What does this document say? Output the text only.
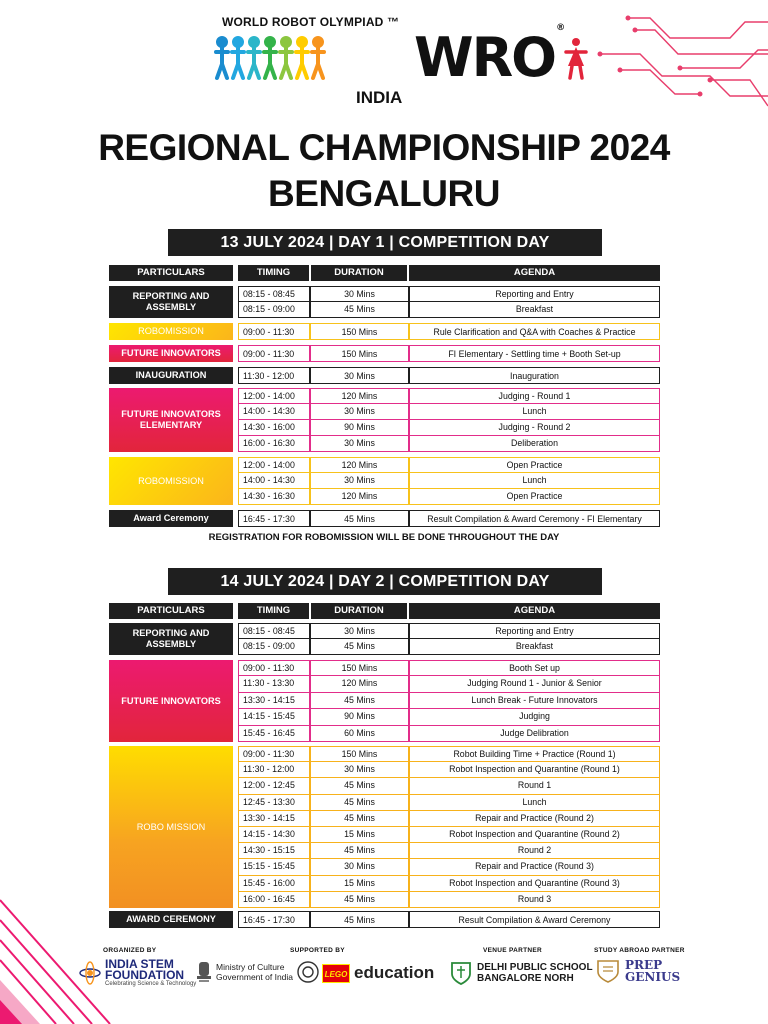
WORLD ROBOT OLYMPIAD ™
WRO®
INDIA
REGIONAL CHAMPIONSHIP 2024
BENGALURU
13 JULY 2024 | DAY 1 | COMPETITION DAY
PARTICULARS	TIMING	DURATION	AGENDA
REPORTING AND ASSEMBLY
08:15 - 08:45	30 Mins	Reporting and Entry
08:15 - 09:00	45 Mins	Breakfast
ROBOMISSION	09:00 - 11:30	150 Mins	Rule Clarification and Q&A with Coaches & Practice
FUTURE INNOVATORS	09:00 - 11:30	150 Mins	FI Elementary - Settling time + Booth Set-up
INAUGURATION	11:30 - 12:00	30 Mins	Inauguration
FUTURE INNOVATORS ELEMENTARY
12:00 - 14:00	120 Mins	Judging - Round 1
14:00 - 14:30	30 Mins	Lunch
14:30 - 16:00	90 Mins	Judging - Round 2
16:00 - 16:30	30 Mins	Deliberation
ROBOMISSION
12:00 - 14:00	120 Mins	Open Practice
14:00 - 14:30	30 Mins	Lunch
14:30 - 16:30	120 Mins	Open Practice
Award Ceremony	16:45 - 17:30	45 Mins	Result Compilation & Award Ceremony - FI Elementary
REGISTRATION FOR ROBOMISSION WILL BE DONE THROUGHOUT THE DAY
14 JULY 2024 | DAY 2 | COMPETITION DAY
PARTICULARS	TIMING	DURATION	AGENDA
REPORTING AND ASSEMBLY
08:15 - 08:45	30 Mins	Reporting and Entry
08:15 - 09:00	45 Mins	Breakfast
FUTURE INNOVATORS
09:00 - 11:30	150 Mins	Booth Set up
11:30 - 13:30	120 Mins	Judging Round 1 - Junior & Senior
13:30 - 14:15	45 Mins	Lunch Break - Future Innovators
14:15 - 15:45	90 Mins	Judging
15:45 - 16:45	60 Mins	Judge Delibration
ROBO MISSION
09:00 - 11:30	150 Mins	Robot Building Time + Practice (Round 1)
11:30 - 12:00	30 Mins	Robot Inspection and Quarantine (Round 1)
12:00 - 12:45	45 Mins	Round 1
12:45 - 13:30	45 Mins	Lunch
13:30 - 14:15	45 Mins	Repair and Practice (Round 2)
14:15 - 14:30	15 Mins	Robot Inspection and Quarantine (Round 2)
14:30 - 15:15	45 Mins	Round 2
15:15 - 15:45	30 Mins	Repair and Practice (Round 3)
15:45 - 16:00	15 Mins	Robot Inspection and Quarantine (Round 3)
16:00 - 16:45	45 Mins	Round 3
AWARD CEREMONY	16:45 - 17:30	45 Mins	Result Compilation & Award Ceremony
ORGANIZED BY	SUPPORTED BY	VENUE PARTNER	STUDY ABROAD PARTNER
INDIA STEM
FOUNDATION
Celebrating Science & Technology
Ministry of Culture
Government of India	LEGO education	DELHI PUBLIC SCHOOL
BANGALORE NORH
PREP
GENIUS
